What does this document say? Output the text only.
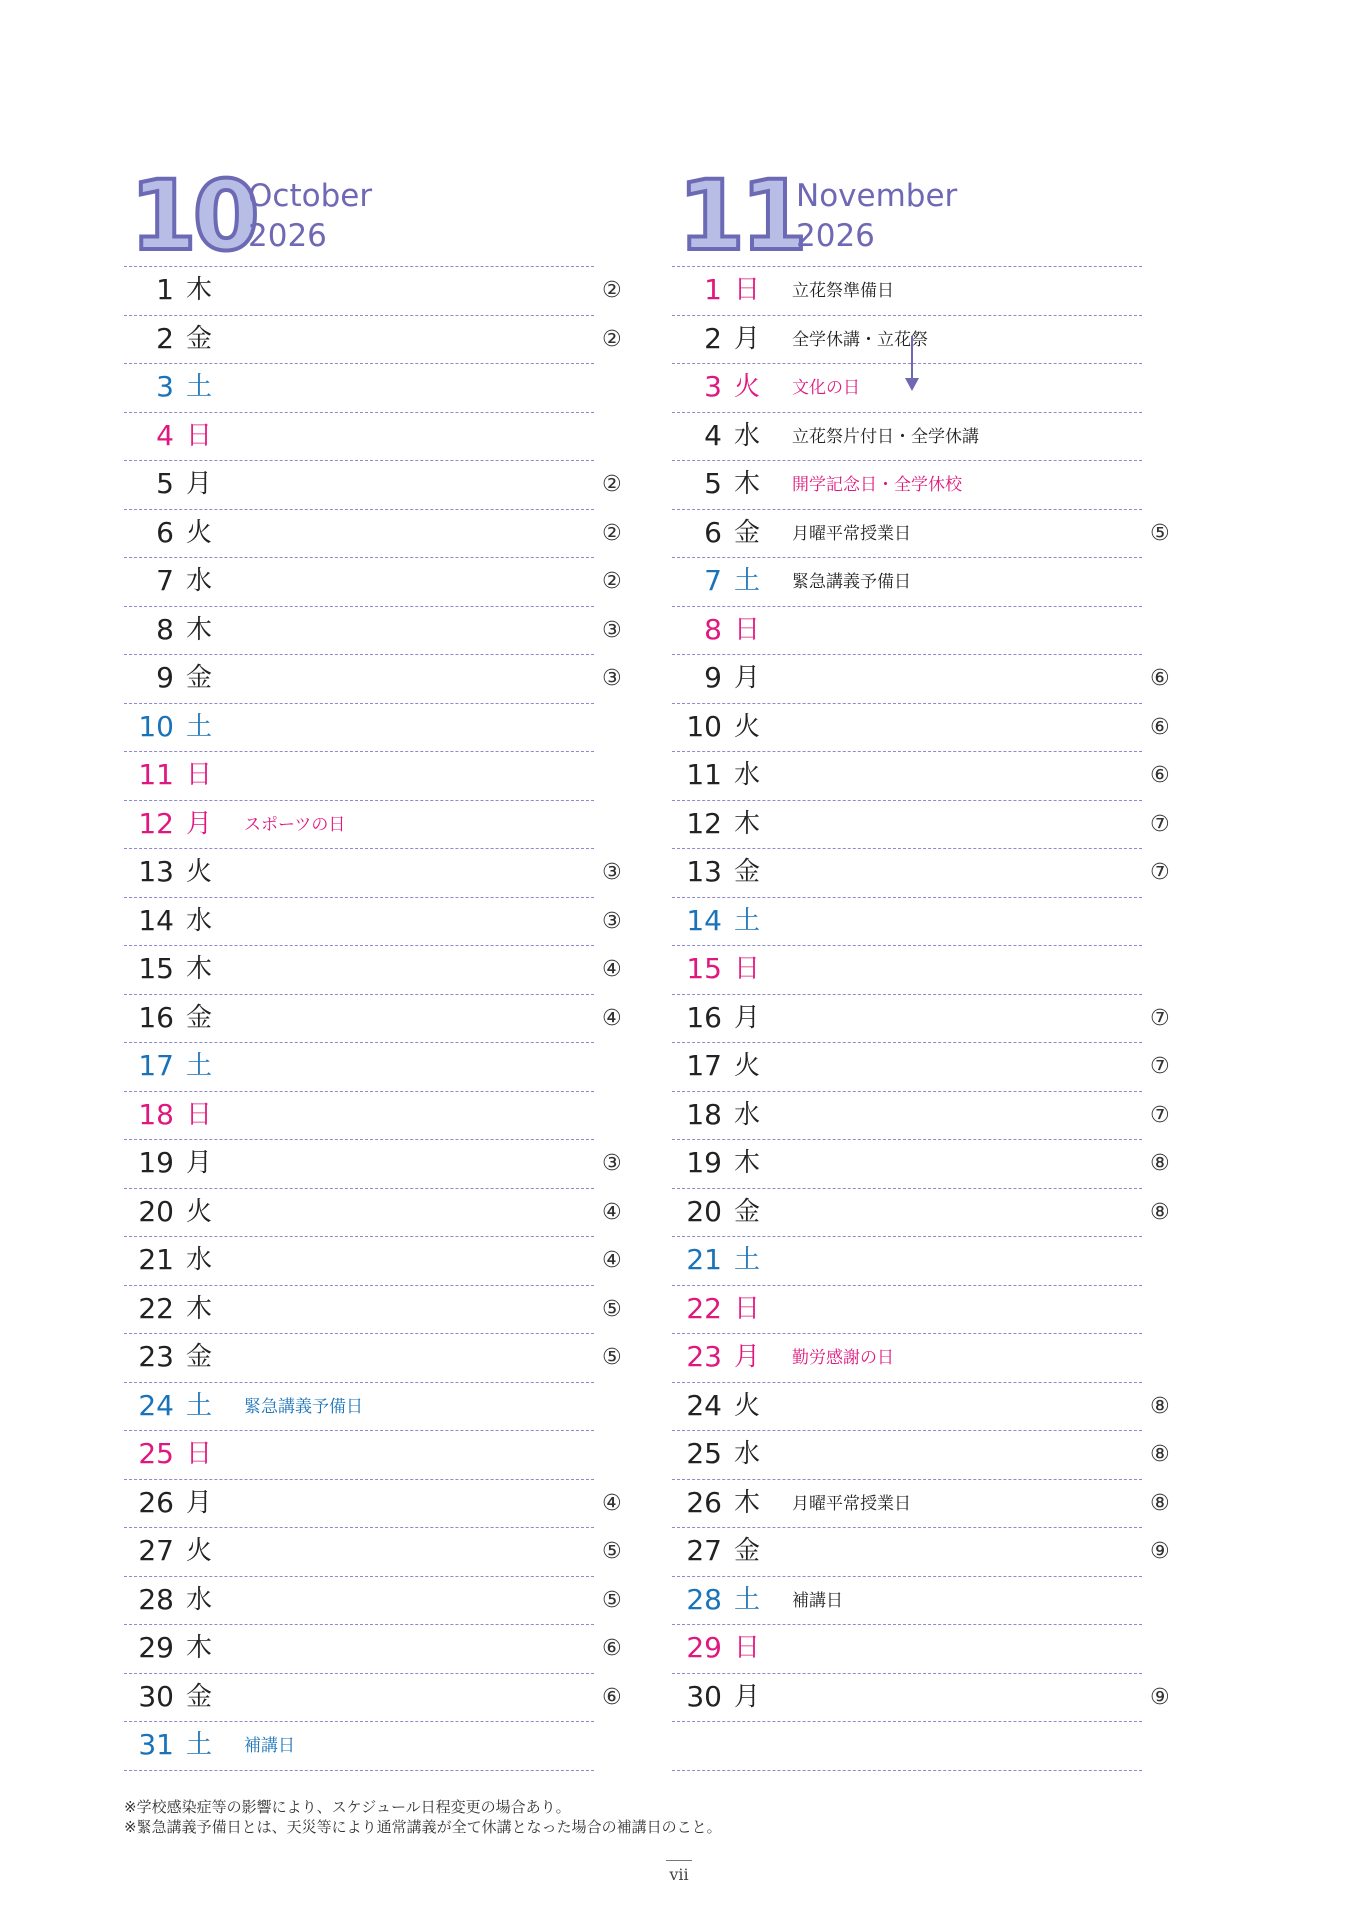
10
October
2026
1 木	②
2 金	②
3 土
4 日
5 月	②
6 火	②
7 水	②
8 木	③
9 金	③
10 土
11 日
12 月 スポーツの日
13 火	③
14 水	③
15 木	④
16 金	④
17 土
18 日
19 月	③
20 火	④
21 水	④
22 木	⑤
23 金	⑤
24 土 緊急講義予備日
25 日
26 月	④
27 火	⑤
28 水	⑤
29 木	⑥
30 金	⑥
31 土 補講日
11
November
2026
1 日 立花祭準備日
2 月 全学休講・立花祭
3 火 文化の日
4 水 立花祭片付日・全学休講
5 木 開学記念日・全学休校
6 金 月曜平常授業日	⑤
7 土 緊急講義予備日
8 日
9 月	⑥
10 火	⑥
11 水	⑥
12 木	⑦
13 金	⑦
14 土
15 日
16 月	⑦
17 火	⑦
18 水	⑦
19 木	⑧
20 金	⑧
21 土
22 日
23 月 勤労感謝の日
24 火	⑧
25 水	⑧
26 木 月曜平常授業日	⑧
27 金	⑨
28 土 補講日
29 日
30 月	⑨
※学校感染症等の影響により、スケジュール日程変更の場合あり。
※緊急講義予備日とは、天災等により通常講義が全て休講となった場合の補講日のこと。
vii
